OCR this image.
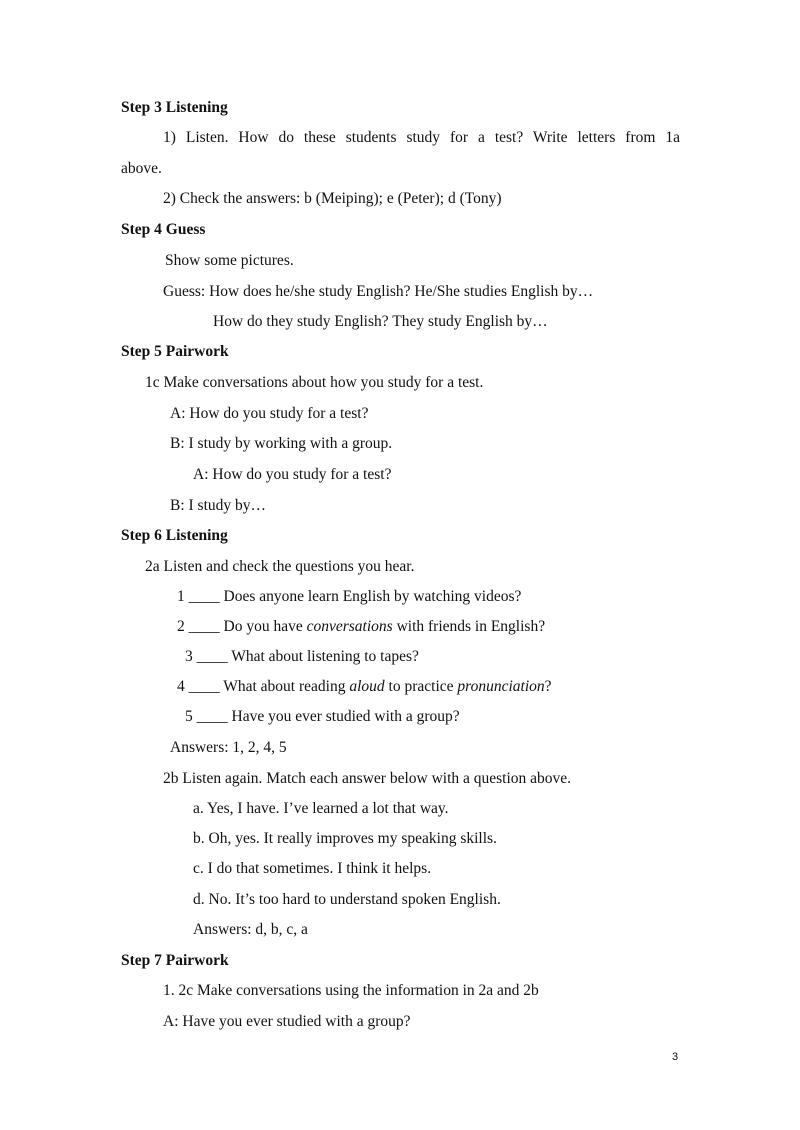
Step 3 Listening
1) Listen. How do these students study for a test? Write letters from 1a
above.
2) Check the answers: b (Meiping); e (Peter); d (Tony)
Step 4 Guess
Show some pictures.
Guess: How does he/she study English? He/She studies English by…
How do they study English? They study English by…
Step 5 Pairwork
1c Make conversations about how you study for a test.
A: How do you study for a test?
B: I study by working with a group.
A: How do you study for a test?
B: I study by…
Step 6 Listening
2a Listen and check the questions you hear.
1 ____ Does anyone learn English by watching videos?
2 ____ Do you have conversations with friends in English?
3 ____ What about listening to tapes?
4 ____ What about reading aloud to practice pronunciation?
5 ____ Have you ever studied with a group?
Answers: 1, 2, 4, 5
2b Listen again. Match each answer below with a question above.
a. Yes, I have. I’ve learned a lot that way.
b. Oh, yes. It really improves my speaking skills.
c. I do that sometimes. I think it helps.
d. No. It’s too hard to understand spoken English.
Answers: d, b, c, a
Step 7 Pairwork
1. 2c Make conversations using the information in 2a and 2b
A: Have you ever studied with a group?
3
